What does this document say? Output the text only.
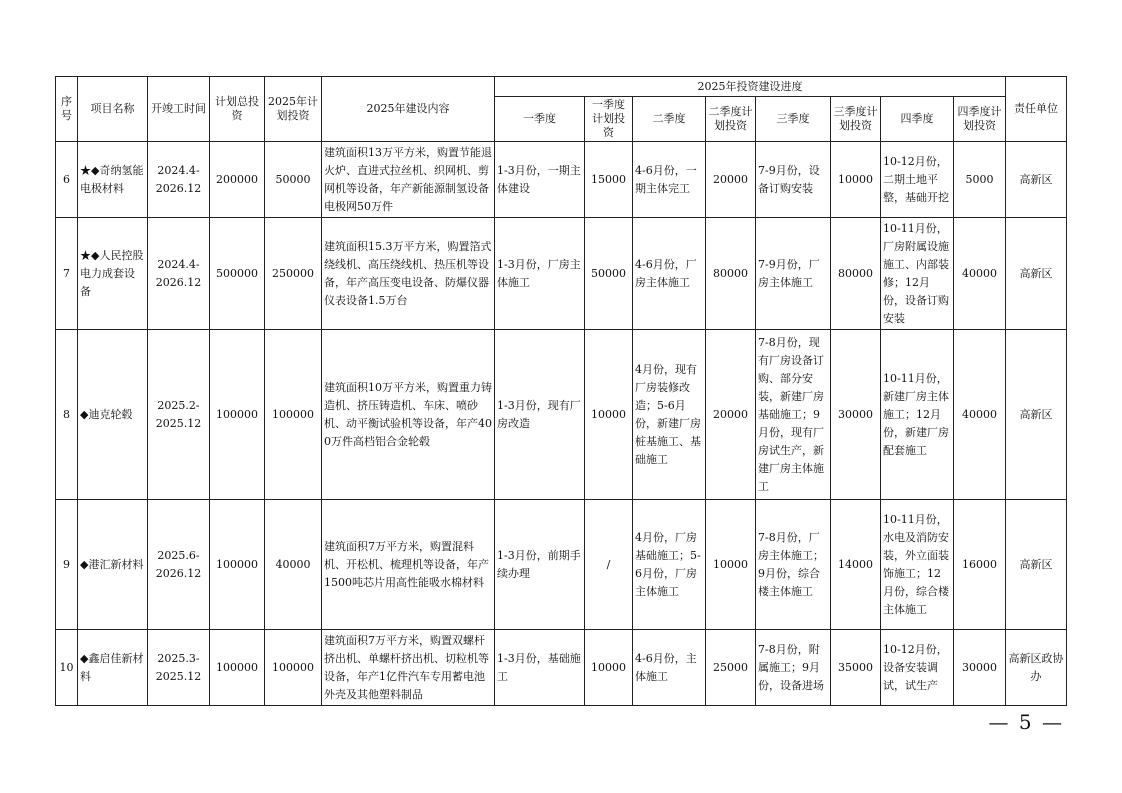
序号	项目名称	开竣工时间	计划总投资	2025年计划投资	2025年建设内容	2025年投资建设进度								责任单位
						一季度	一季度计划投资	二季度	二季度计划投资	三季度	三季度计划投资	四季度	四季度计划投资	
6	★◆奇纳氢能电极材料	2024.4-2026.12	200000	50000	建筑面积13万平方米，购置节能退火炉、直进式拉丝机、织网机、剪网机等设备，年产新能源制氢设备电极网50万件	1-3月份，一期主体建设	15000	4-6月份，一期主体完工	20000	7-9月份，设备订购安装	10000	10-12月份，二期土地平整，基础开挖	5000	高新区
7	★◆人民控股电力成套设备	2024.4-2026.12	500000	250000	建筑面积15.3万平方米，购置箔式绕线机、高压绕线机、热压机等设备，年产高压变电设备、防爆仪器仪表设备1.5万台	1-3月份，厂房主体施工	50000	4-6月份，厂房主体施工	80000	7-9月份，厂房主体施工	80000	10-11月份，厂房附属设施施工、内部装修；12月份，设备订购安装	40000	高新区
8	◆迪克轮毂	2025.2-2025.12	100000	100000	建筑面积10万平方米，购置重力铸造机、挤压铸造机、车床、喷砂机、动平衡试验机等设备，年产400万件高档铝合金轮毂	1-3月份，现有厂房改造	10000	4月份，现有厂房装修改造；5-6月份，新建厂房桩基施工、基础施工	20000	7-8月份，现有厂房设备订购、部分安装，新建厂房基础施工；9月份，现有厂房试生产，新建厂房主体施工	30000	10-11月份，新建厂房主体施工；12月份，新建厂房配套施工	40000	高新区
9	◆港汇新材料	2025.6-2026.12	100000	40000	建筑面积7万平方米，购置混料机、开松机、梳理机等设备，年产1500吨芯片用高性能吸水棉材料	1-3月份，前期手续办理	/	4月份，厂房基础施工；5-6月份，厂房主体施工	10000	7-8月份，厂房主体施工；9月份，综合楼主体施工	14000	10-11月份，水电及消防安装，外立面装饰施工；12月份，综合楼主体施工	16000	高新区
10	◆鑫启佳新材料	2025.3-2025.12	100000	100000	建筑面积7万平方米，购置双螺杆挤出机、单螺杆挤出机、切粒机等设备，年产1亿件汽车专用蓄电池外壳及其他塑料制品	1-3月份，基础施工	10000	4-6月份，主体施工	25000	7-8月份，附属施工；9月份，设备进场	35000	10-12月份，设备安装调试，试生产	30000	高新区政协办
— 5 —
